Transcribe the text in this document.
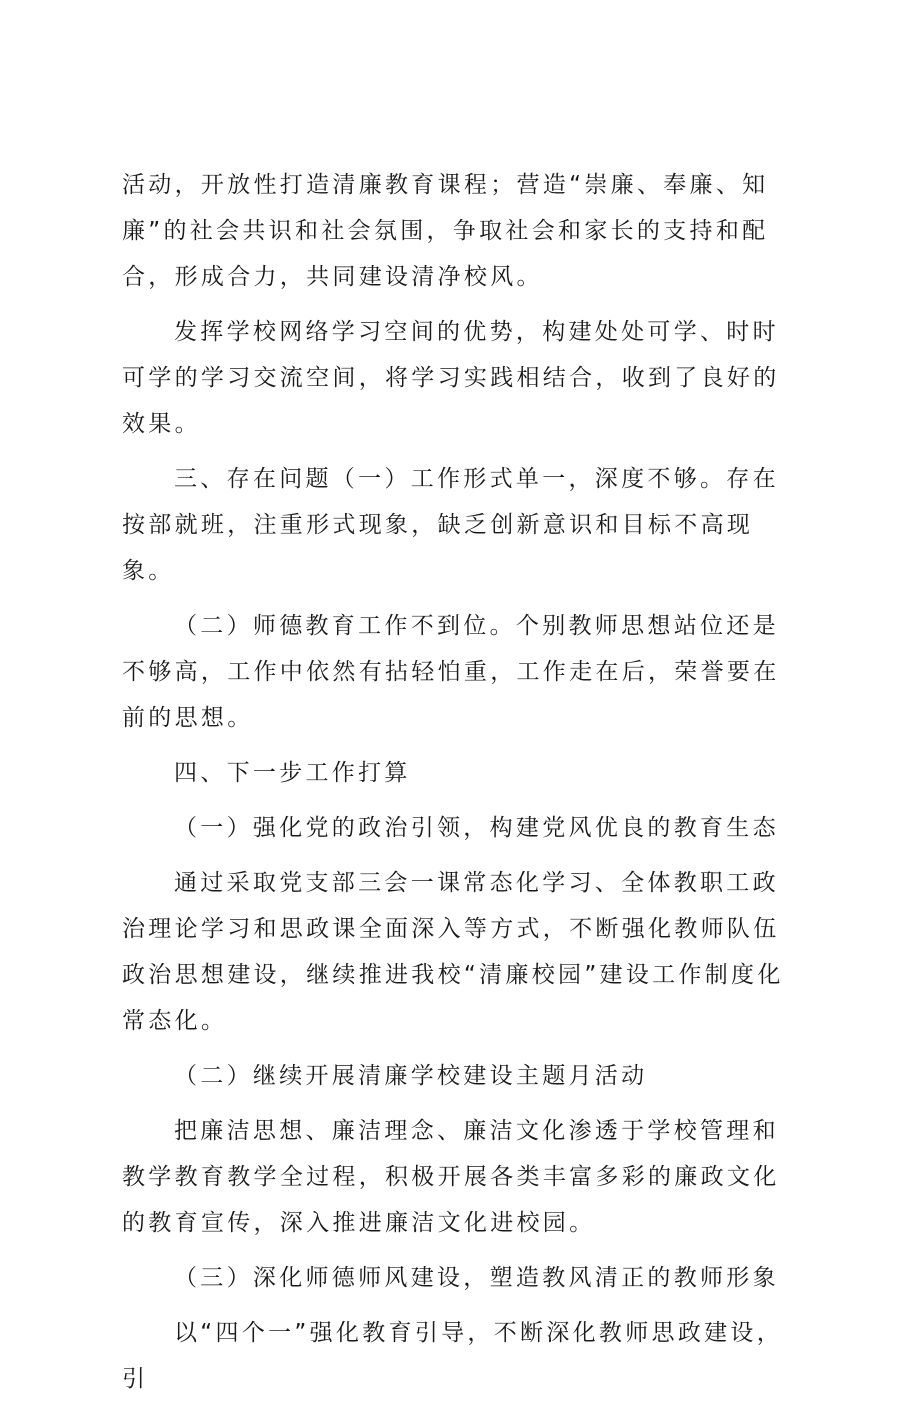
活动，开放性打造清廉教育课程；营造“崇廉、奉廉、知廉”的社会共识和社会氛围，争取社会和家长的支持和配合，形成合力，共同建设清净校风。

发挥学校网络学习空间的优势，构建处处可学、时时可学的学习交流空间，将学习实践相结合，收到了良好的效果。

三、存在问题（一）工作形式单一，深度不够。存在按部就班，注重形式现象，缺乏创新意识和目标不高现象。

（二）师德教育工作不到位。个别教师思想站位还是不够高，工作中依然有拈轻怕重，工作走在后，荣誉要在前的思想。

四、下一步工作打算

（一）强化党的政治引领，构建党风优良的教育生态

通过采取党支部三会一课常态化学习、全体教职工政治理论学习和思政课全面深入等方式，不断强化教师队伍政治思想建设，继续推进我校“清廉校园”建设工作制度化常态化。

（二）继续开展清廉学校建设主题月活动

把廉洁思想、廉洁理念、廉洁文化渗透于学校管理和教学教育教学全过程，积极开展各类丰富多彩的廉政文化的教育宣传，深入推进廉洁文化进校园。

（三）深化师德师风建设，塑造教风清正的教师形象

以“四个一”强化教育引导，不断深化教师思政建设，引
